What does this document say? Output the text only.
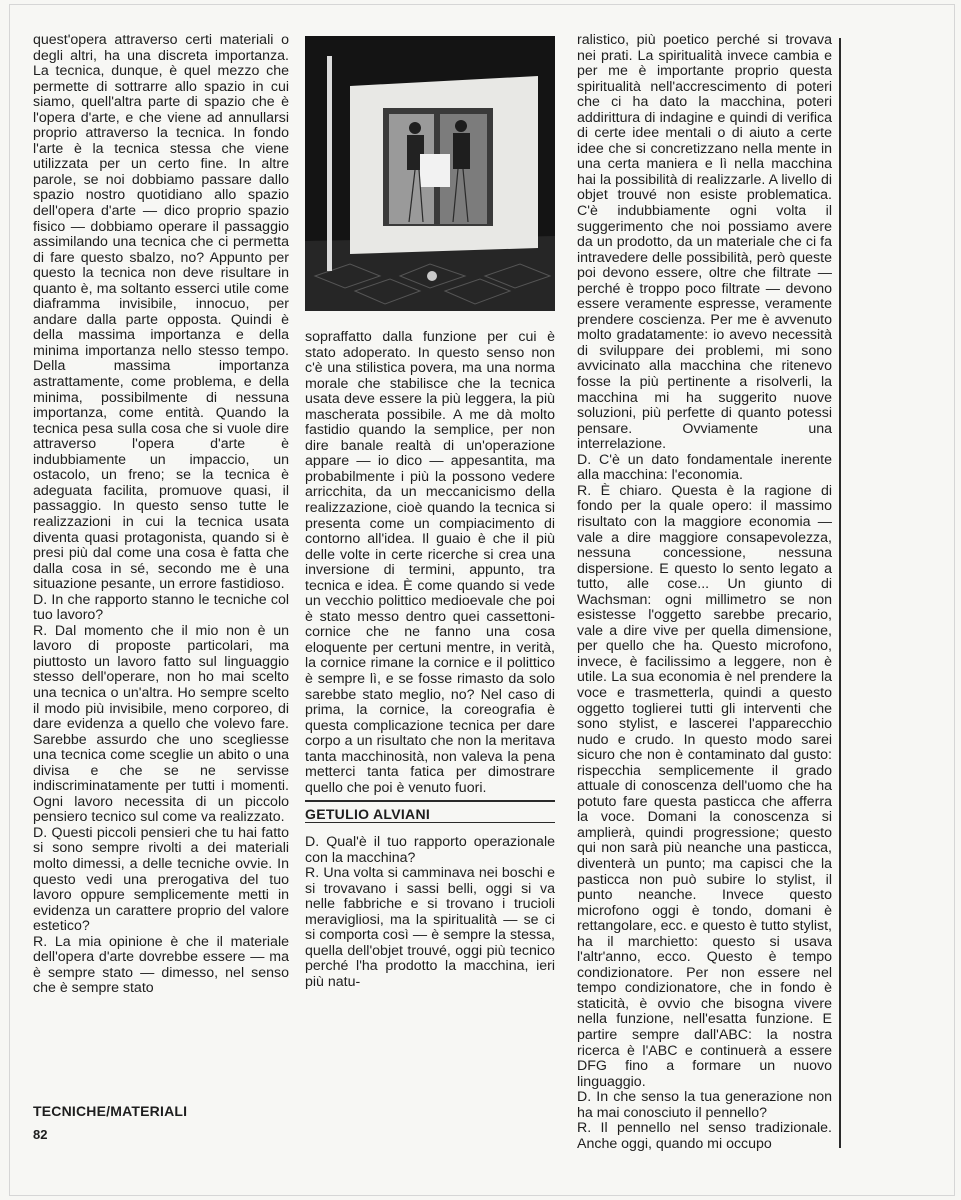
quest'opera attraverso certi materiali o degli altri, ha una discreta importanza. La tecnica, dunque, è quel mezzo che permette di sottrarre allo spazio in cui siamo, quell'altra parte di spazio che è l'opera d'arte, e che viene ad annullarsi proprio attraverso la tecnica. In fondo l'arte è la tecnica stessa che viene utilizzata per un certo fine. In altre parole, se noi dobbiamo passare dallo spazio nostro quotidiano allo spazio dell'opera d'arte — dico proprio spazio fisico — dobbiamo operare il passaggio assimilando una tecnica che ci permetta di fare questo sbalzo, no? Appunto per questo la tecnica non deve risultare in quanto è, ma soltanto esserci utile come diaframma invisibile, innocuo, per andare dalla parte opposta. Quindi è della massima importanza e della minima importanza nello stesso tempo. Della massima importanza astrattamente, come problema, e della minima, possibilmente di nessuna importanza, come entità. Quando la tecnica pesa sulla cosa che si vuole dire attraverso l'opera d'arte è indubbiamente un impaccio, un ostacolo, un freno; se la tecnica è adeguata facilita, promuove quasi, il passaggio. In questo senso tutte le realizzazioni in cui la tecnica usata diventa quasi protagonista, quando si è presi più dal come una cosa è fatta che dalla cosa in sé, secondo me è una situazione pesante, un errore fastidioso.

D. In che rapporto stanno le tecniche col tuo lavoro?

R. Dal momento che il mio non è un lavoro di proposte particolari, ma piuttosto un lavoro fatto sul linguaggio stesso dell'operare, non ho mai scelto una tecnica o un'altra. Ho sempre scelto il modo più invisibile, meno corporeo, di dare evidenza a quello che volevo fare. Sarebbe assurdo che uno scegliesse una tecnica come sceglie un abito o una divisa e che se ne servisse indiscriminatamente per tutti i momenti. Ogni lavoro necessita di un piccolo pensiero tecnico sul come va realizzato.

D. Questi piccoli pensieri che tu hai fatto si sono sempre rivolti a dei materiali molto dimessi, a delle tecniche ovvie. In questo vedi una prerogativa del tuo lavoro oppure semplicemente metti in evidenza un carattere proprio del valore estetico?

R. La mia opinione è che il materiale dell'opera d'arte dovrebbe essere — ma è sempre stato — dimesso, nel senso che è sempre stato

sopraffatto dalla funzione per cui è stato adoperato. In questo senso non c'è una stilistica povera, ma una norma morale che stabilisce che la tecnica usata deve essere la più leggera, la più mascherata possibile. A me dà molto fastidio quando la semplice, per non dire banale realtà di un'operazione appare — io dico — appesantita, ma probabilmente i più la possono vedere arricchita, da un meccanicismo della realizzazione, cioè quando la tecnica si presenta come un compiacimento di contorno all'idea. Il guaio è che il più delle volte in certe ricerche si crea una inversione di termini, appunto, tra tecnica e idea. È come quando si vede un vecchio polittico medioevale che poi è stato messo dentro quei cassettoni-cornice che ne fanno una cosa eloquente per certuni mentre, in verità, la cornice rimane la cornice e il polittico è sempre lì, e se fosse rimasto da solo sarebbe stato meglio, no? Nel caso di prima, la cornice, la coreografia è questa complicazione tecnica per dare corpo a un risultato che non la meritava tanta macchinosità, non valeva la pena metterci tanta fatica per dimostrare quello che poi è venuto fuori.

GETULIO ALVIANI

D. Qual'è il tuo rapporto operazionale con la macchina?

R. Una volta si camminava nei boschi e si trovavano i sassi belli, oggi si va nelle fabbriche e si trovano i trucioli meravigliosi, ma la spiritualità — se ci si comporta così — è sempre la stessa, quella dell'objet trouvé, oggi più tecnico perché l'ha prodotto la macchina, ieri più natu-

ralistico, più poetico perché si trovava nei prati. La spiritualità invece cambia e per me è importante proprio questa spiritualità nell'accrescimento di poteri che ci ha dato la macchina, poteri addirittura di indagine e quindi di verifica di certe idee mentali o di aiuto a certe idee che si concretizzano nella mente in una certa maniera e lì nella macchina hai la possibilità di realizzarle. A livello di objet trouvé non esiste problematica. C'è indubbiamente ogni volta il suggerimento che noi possiamo avere da un prodotto, da un materiale che ci fa intravedere delle possibilità, però queste poi devono essere, oltre che filtrate — perché è troppo poco filtrate — devono essere veramente espresse, veramente prendere coscienza. Per me è avvenuto molto gradatamente: io avevo necessità di sviluppare dei problemi, mi sono avvicinato alla macchina che ritenevo fosse la più pertinente a risolverli, la macchina mi ha suggerito nuove soluzioni, più perfette di quanto potessi pensare. Ovviamente una interrelazione.

D. C'è un dato fondamentale inerente alla macchina: l'economia.

R. È chiaro. Questa è la ragione di fondo per la quale opero: il massimo risultato con la maggiore economia — vale a dire maggiore consapevolezza, nessuna concessione, nessuna dispersione. E questo lo sento legato a tutto, alle cose... Un giunto di Wachsman: ogni millimetro se non esistesse l'oggetto sarebbe precario, vale a dire vive per quella dimensione, per quello che ha. Questo microfono, invece, è facilissimo a leggere, non è utile. La sua economia è nel prendere la voce e trasmetterla, quindi a questo oggetto toglierei tutti gli interventi che sono stylist, e lascerei l'apparecchio nudo e crudo. In questo modo sarei sicuro che non è contaminato dal gusto: rispecchia semplicemente il grado attuale di conoscenza dell'uomo che ha potuto fare questa pasticca che afferra la voce. Domani la conoscenza si amplierà, quindi progressione; questo qui non sarà più neanche una pasticca, diventerà un punto; ma capisci che la pasticca non può subire lo stylist, il punto neanche. Invece questo microfono oggi è tondo, domani è rettangolare, ecc. e questo è tutto stylist, ha il marchietto: questo si usava l'altr'anno, ecco. Questo è tempo condizionatore. Per non essere nel tempo condizionatore, che in fondo è staticità, è ovvio che bisogna vivere nella funzione, nell'esatta funzione. E partire sempre dall'ABC: la nostra ricerca è l'ABC e continuerà a essere DFG fino a formare un nuovo linguaggio.

D. In che senso la tua generazione non ha mai conosciuto il pennello?

R. Il pennello nel senso tradizionale. Anche oggi, quando mi occupo

TECNICHE/MATERIALI
82
